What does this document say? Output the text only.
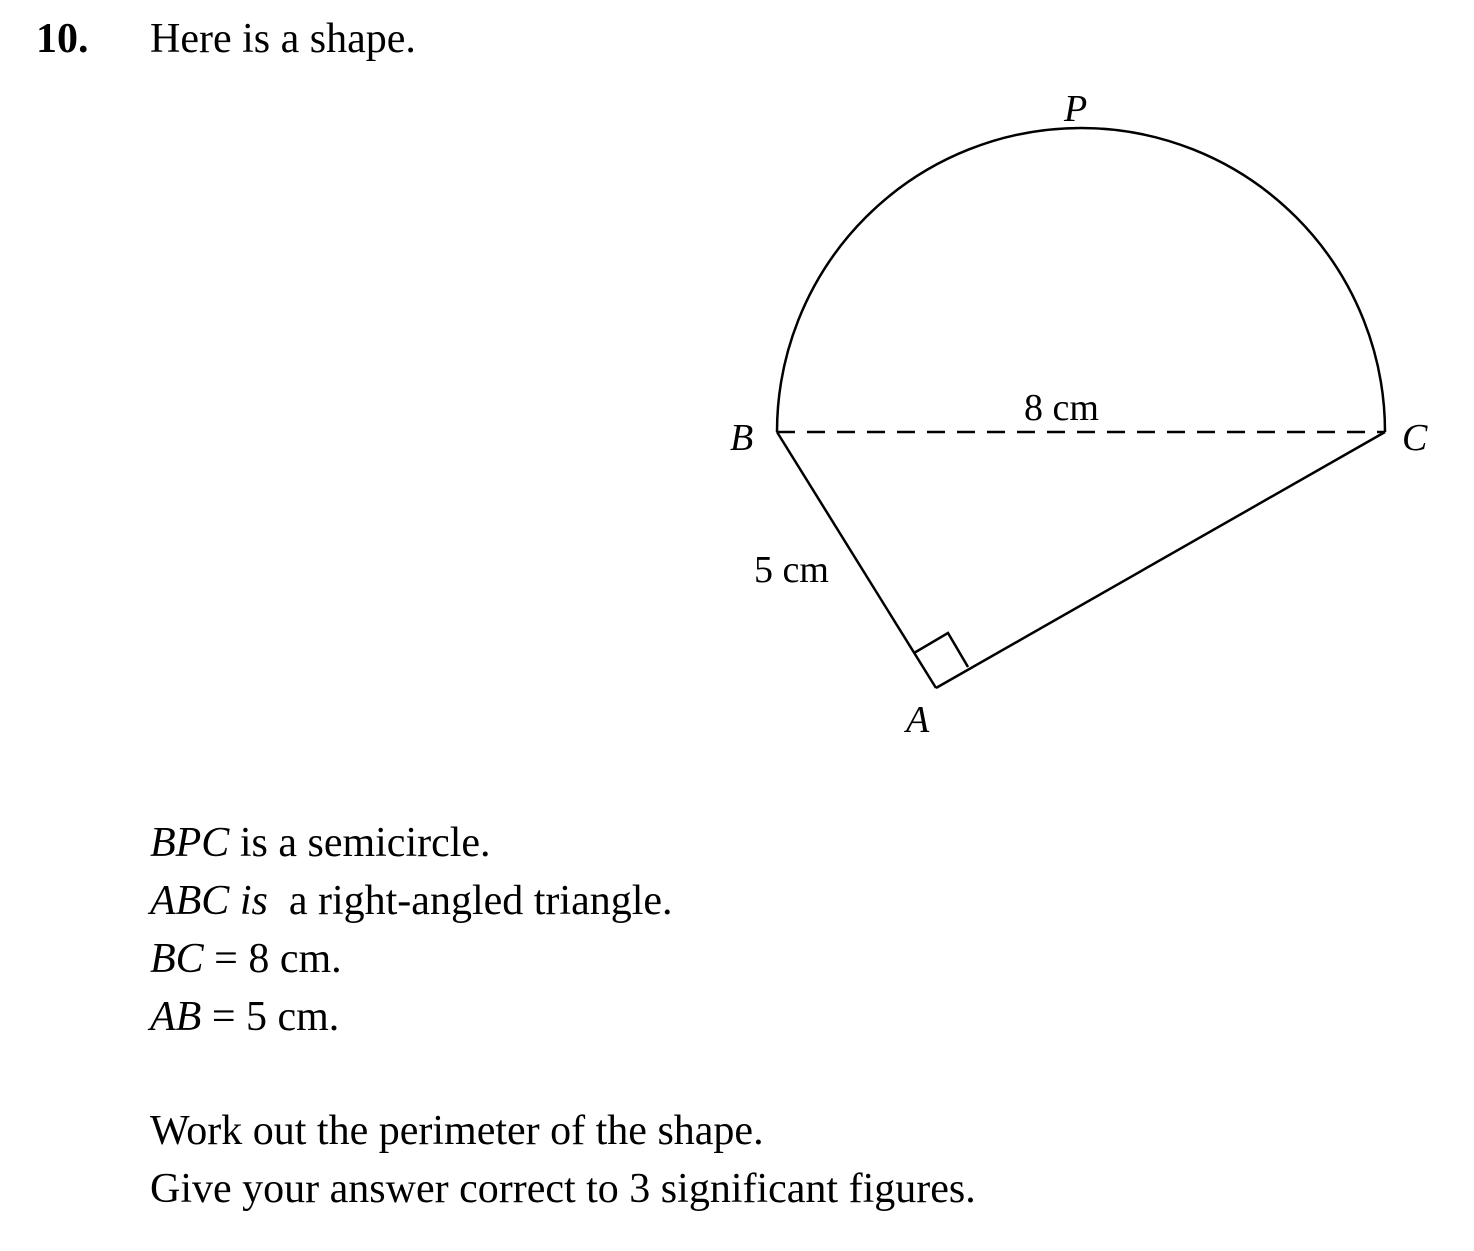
10. Here is a shape.
P
B	C
A
8 cm
5 cm
BPC is a semicircle.
ABC is  a right-angled triangle.
BC = 8 cm.
AB = 5 cm.
Work out the perimeter of the shape.
Give your answer correct to 3 significant figures.
